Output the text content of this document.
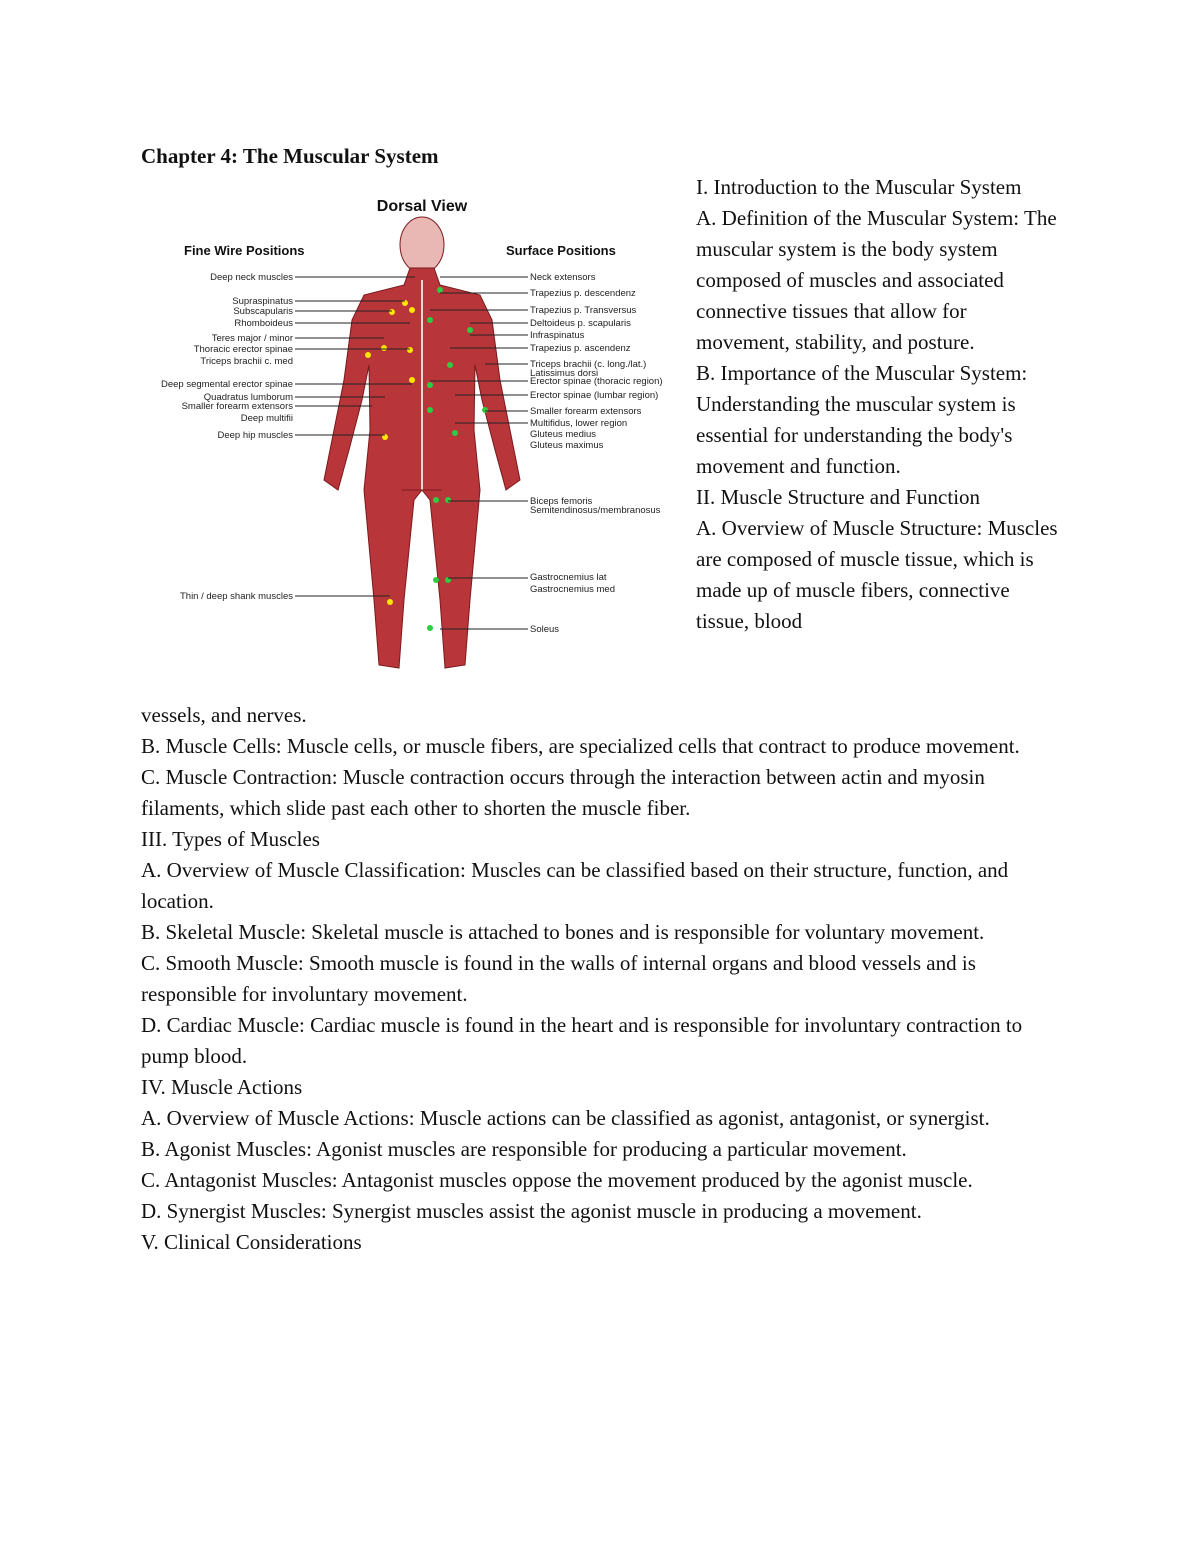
Chapter 4: The Muscular System
Dorsal View
Fine Wire Positions	Surface Positions
Deep neck muscles
Supraspinatus
Subscapularis
Rhomboideus
Teres major / minor
Thoracic erector spinae
Triceps brachii c. med
Deep segmental erector spinae
Quadratus lumborum
Smaller forearm extensors
Deep multifii
Deep hip muscles
Thin / deep shank muscles
Neck extensors
Trapezius p. descendenz
Trapezius p. Transversus
Deltoideus p. scapularis
Infraspinatus
Trapezius p. ascendenz
Triceps brachii (c. long./lat.)
Latissimus dorsi
Erector spinae (thoracic region)
Erector spinae (lumbar region)
Smaller forearm extensors
Multifidus, lower region
Gluteus medius
Gluteus maximus
Biceps femoris
Semitendinosus/membranosus
Gastrocnemius lat
Gastrocnemius med
Soleus
I. Introduction to the Muscular System
A. Definition of the Muscular System: The muscular system is the body system composed of muscles and associated connective tissues that allow for movement, stability, and posture.
B. Importance of the Muscular System: Understanding the muscular system is essential for understanding the body's movement and function.
II. Muscle Structure and Function
A. Overview of Muscle Structure: Muscles are composed of muscle tissue, which is made up of muscle fibers, connective tissue, blood
vessels, and nerves.
B. Muscle Cells: Muscle cells, or muscle fibers, are specialized cells that contract to produce movement.
C. Muscle Contraction: Muscle contraction occurs through the interaction between actin and myosin filaments, which slide past each other to shorten the muscle fiber.
III. Types of Muscles
A. Overview of Muscle Classification: Muscles can be classified based on their structure, function, and location.
B. Skeletal Muscle: Skeletal muscle is attached to bones and is responsible for voluntary movement.
C. Smooth Muscle: Smooth muscle is found in the walls of internal organs and blood vessels and is responsible for involuntary movement.
D. Cardiac Muscle: Cardiac muscle is found in the heart and is responsible for involuntary contraction to pump blood.
IV. Muscle Actions
A. Overview of Muscle Actions: Muscle actions can be classified as agonist, antagonist, or synergist.
B. Agonist Muscles: Agonist muscles are responsible for producing a particular movement.
C. Antagonist Muscles: Antagonist muscles oppose the movement produced by the agonist muscle.
D. Synergist Muscles: Synergist muscles assist the agonist muscle in producing a movement.
V. Clinical Considerations
